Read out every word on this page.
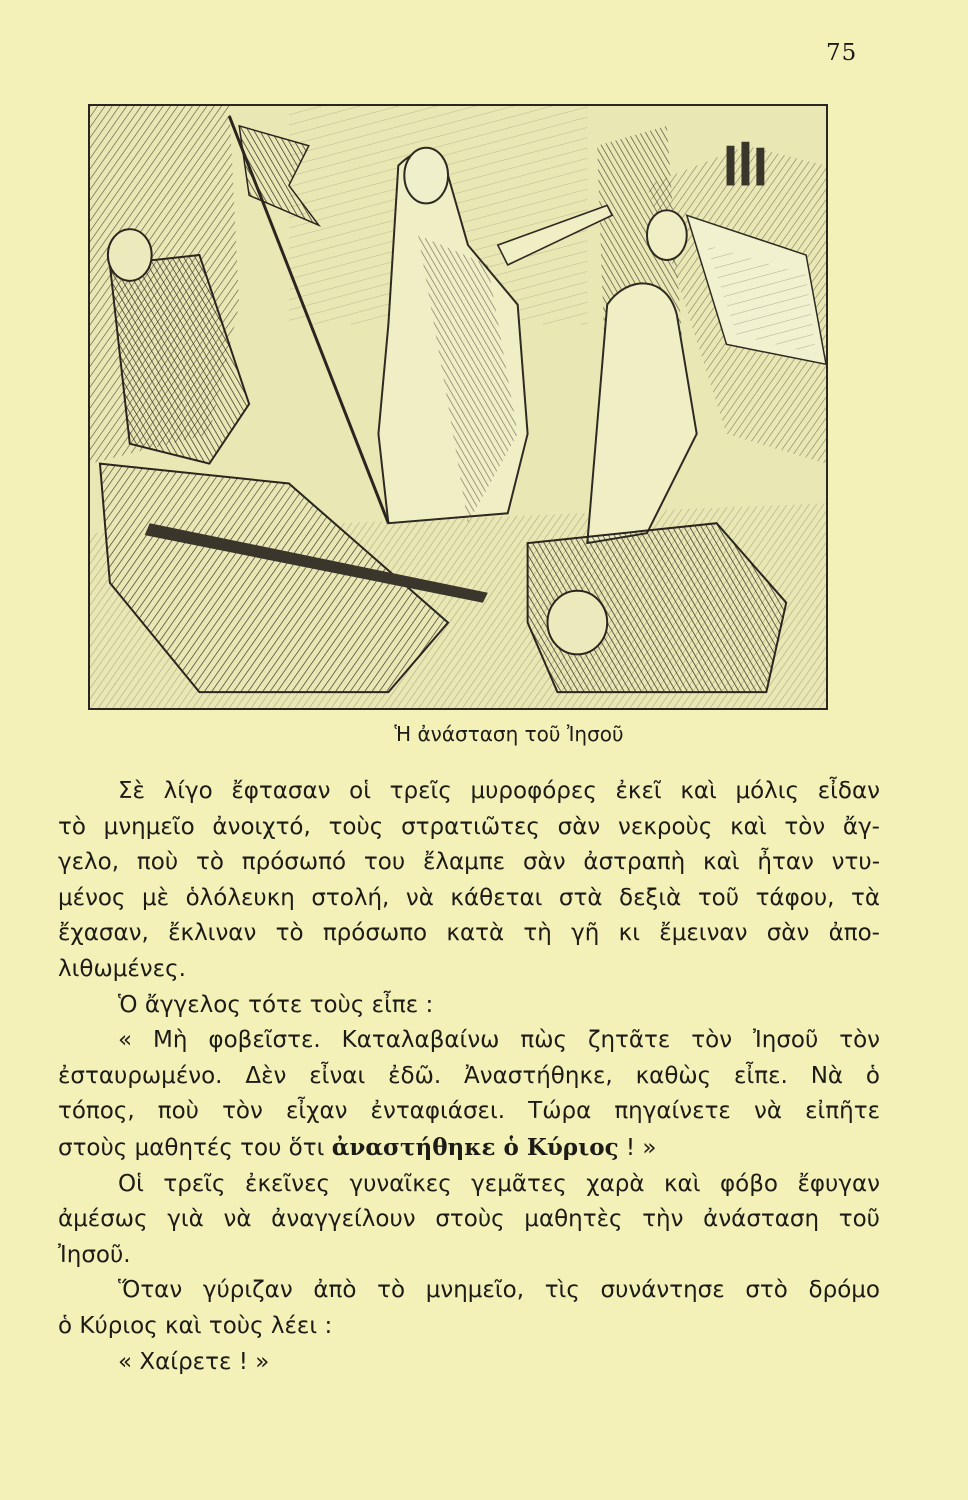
75
Ἡ ἀνάσταση τοῦ Ἰησοῦ
Σὲ λίγο ἔφτασαν οἱ τρεῖς μυροφόρες ἐκεῖ καὶ μόλις εἶδαν
τὸ μνημεῖο ἀνοιχτό, τοὺς στρατιῶτες σὰν νεκροὺς καὶ τὸν ἄγ-
γελο, ποὺ τὸ πρόσωπό του ἔλαμπε σὰν ἀστραπὴ καὶ ἦταν ντυ-
μένος μὲ ὁλόλευκη στολή, νὰ κάθεται στὰ δεξιὰ τοῦ τάφου, τὰ
ἔχασαν, ἔκλιναν τὸ πρόσωπο κατὰ τὴ γῆ κι ἔμειναν σὰν ἀπο-
λιθωμένες.
Ὁ ἄγγελος τότε τοὺς εἶπε :
« Μὴ φοβεῖστε. Καταλαβαίνω πὼς ζητᾶτε τὸν Ἰησοῦ τὸν
ἐσταυρωμένο. Δὲν εἶναι ἐδῶ. Ἀναστήθηκε, καθὼς εἶπε. Νὰ ὁ
τόπος, ποὺ τὸν εἶχαν ἐνταφιάσει. Τώρα πηγαίνετε νὰ εἰπῆτε
στοὺς μαθητές του ὅτι ἀναστήθηκε ὁ Κύριος ! »
Οἱ τρεῖς ἐκεῖνες γυναῖκες γεμᾶτες χαρὰ καὶ φόβο ἔφυγαν
ἀμέσως γιὰ νὰ ἀναγγείλουν στοὺς μαθητὲς τὴν ἀνάσταση τοῦ
Ἰησοῦ.
Ὅταν γύριζαν ἀπὸ τὸ μνημεῖο, τὶς συνάντησε στὸ δρόμο
ὁ Κύριος καὶ τοὺς λέει :
« Χαίρετε ! »
